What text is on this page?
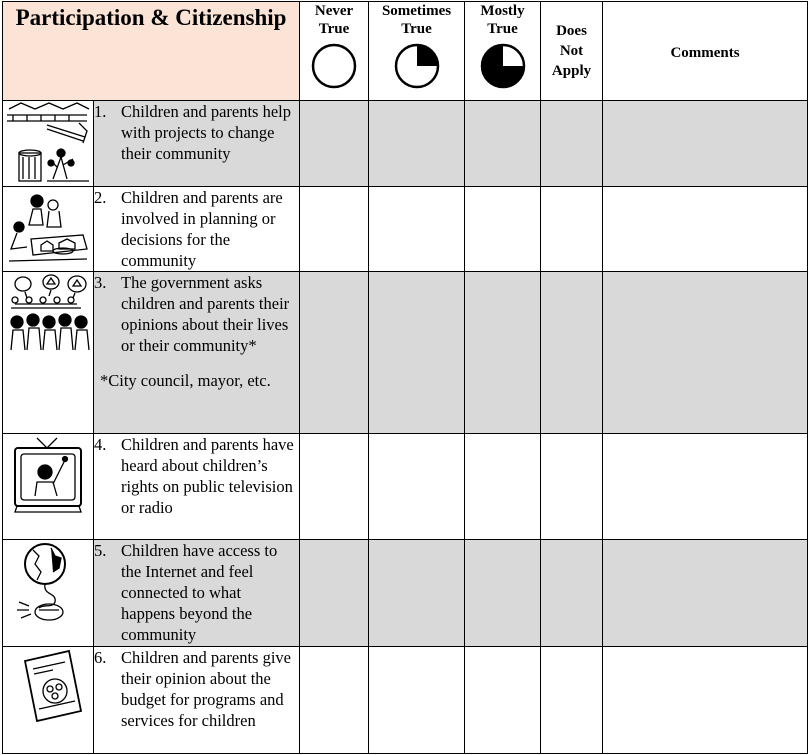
Participation & Citizenship		Never True	Sometimes True	Mostly True	Does Not Apply	Comments

1. Children and parents help with projects to change their community					

2. Children and parents are involved in planning or decisions for the community					

3. The government asks children and parents their opinions about their lives or their community*
*City council, mayor, etc.					

4. Children and parents have heard about children’s rights on public television or radio					

5. Children have access to the Internet and feel connected to what happens beyond the community					

6. Children and parents give their opinion about the budget for programs and services for children					
